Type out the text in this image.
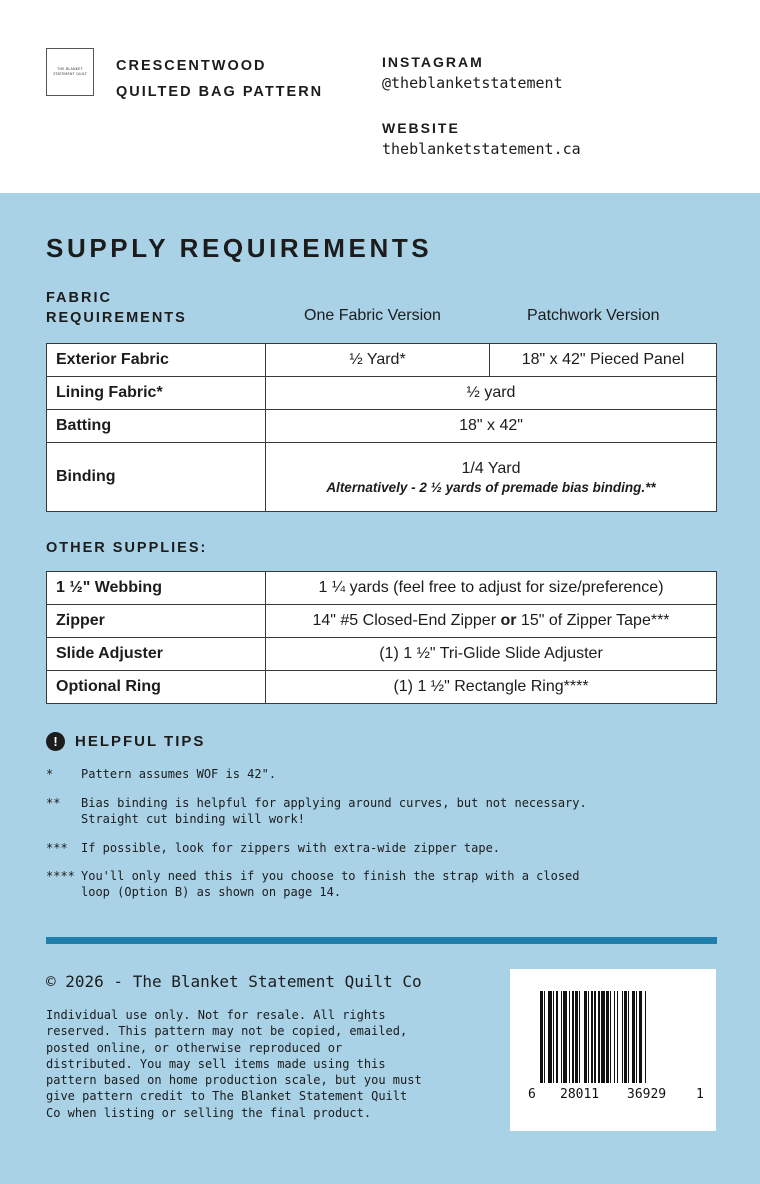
THE BLANKET STATEMENT QUILT	CRESCENTWOOD
QUILTED BAG PATTERN
INSTAGRAM
@theblanketstatement
WEBSITE
theblanketstatement.ca
SUPPLY REQUIREMENTS
FABRIC
REQUIREMENTS	One Fabric Version	Patchwork Version
Exterior Fabric	½ Yard*	18" x 42" Pieced Panel
Lining Fabric*	½ yard	
Batting	18" x 42"	
Binding	1/4 Yard
Alternatively - 2 ½ yards of premade bias binding.**	
OTHER SUPPLIES:
1 ½" Webbing	1 ¼ yards (feel free to adjust for size/preference)
Zipper	14" #5 Closed-End Zipper or 15" of Zipper Tape***
Slide Adjuster	(1) 1 ½" Tri-Glide Slide Adjuster
Optional Ring	(1) 1 ½" Rectangle Ring****
!	HELPFUL TIPS
*	Pattern assumes WOF is 42".
**	Bias binding is helpful for applying around curves, but not necessary.
Straight cut binding will work!
***	If possible, look for zippers with extra-wide zipper tape.
**** You'll only need this if you choose to finish the strap with a closed
loop (Option B) as shown on page 14.
© 2026 - The Blanket Statement Quilt Co
Individual use only. Not for resale. All rights
reserved. This pattern may not be copied, emailed,
posted online, or otherwise reproduced or
distributed. You may sell items made using this
pattern based on home production scale, but you must
give pattern credit to The Blanket Statement Quilt
Co when listing or selling the final product.
6 28011 36929 1
